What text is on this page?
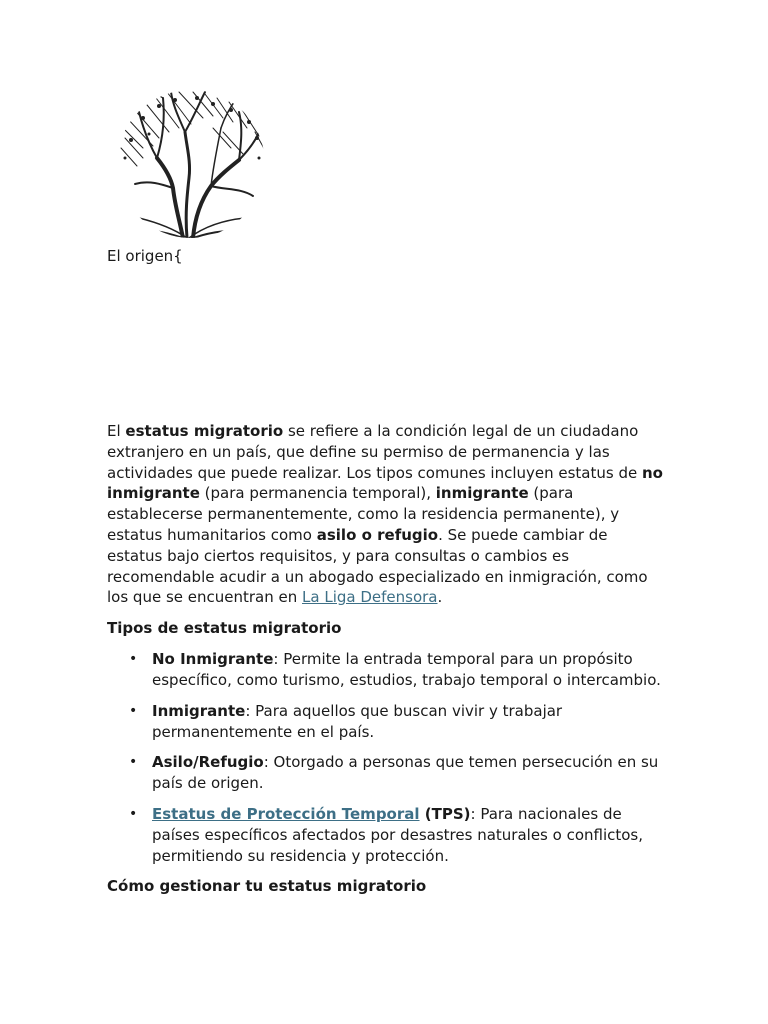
El origen{
El estatus migratorio se refiere a la condición legal de un ciudadano extranjero en un país, que define su permiso de permanencia y las actividades que puede realizar. Los tipos comunes incluyen estatus de no inmigrante (para permanencia temporal), inmigrante (para establecerse permanentemente, como la residencia permanente), y estatus humanitarios como asilo o refugio. Se puede cambiar de estatus bajo ciertos requisitos, y para consultas o cambios es recomendable acudir a un abogado especializado en inmigración, como los que se encuentran en La Liga Defensora.
Tipos de estatus migratorio
• No Inmigrante: Permite la entrada temporal para un propósito específico, como turismo, estudios, trabajo temporal o intercambio.
• Inmigrante: Para aquellos que buscan vivir y trabajar permanentemente en el país.
• Asilo/Refugio: Otorgado a personas que temen persecución en su país de origen.
• Estatus de Protección Temporal (TPS): Para nacionales de países específicos afectados por desastres naturales o conflictos, permitiendo su residencia y protección.
Cómo gestionar tu estatus migratorio
